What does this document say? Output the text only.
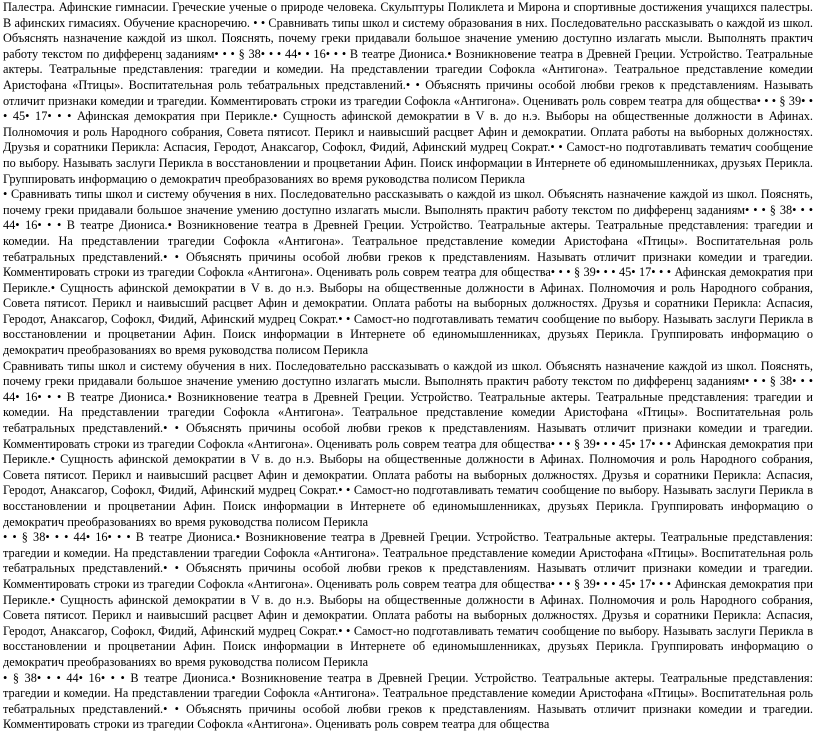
Палестра. Афинские гимнасии. Греческие ученые о природе человека. Скульптуры Поликлета и Мирона и спортивные достижения учащихся палестры. В афинских гимасиях. Обучение красноречию. • • Сравнивать типы школ и систему образования в них. Последовательно рассказывать о каждой из школ. Объяснять назначение каждой из школ. Пояснять, почему греки придавали большое значение умению доступно излагать мысли. Выполнять практич работу текстом по дифференц заданиям• • • § 38• • • 44• • 16• • • В театре Диониса.• Возникновение театра в Древней Греции. Устройство. Театральные актеры. Театральные представления: трагедии и комедии. На представлении трагедии Софокла «Антигона». Театральное представление комедии Аристофана «Птицы». Воспитательная роль тебатральных представлений.• • Объяснять причины особой любви греков к представлениям. Называть отличит признаки комедии и трагедии. Комментировать строки из трагедии Софокла «Антигона». Оценивать роль соврем театра для общества• • • § 39• • • 45• 17• • • Афинская демократия при Перикле.• Сущность афинской демократии в V в. до н.э. Выборы на общественные должности в Афинах. Полномочия и роль Народного собрания, Совета пятисот. Перикл и наивысший расцвет Афин и демократии. Оплата работы на выборных должностях. Друзья и соратники Перикла: Аспасия, Геродот, Анаксагор, Софокл, Фидий, Афинский мудрец Сократ.• • Самост-но подготавливать тематич сообщение по выбору. Называть заслуги Перикла в восстановлении и процветании Афин. Поиск информации в Интернете об единомышленниках, друзьях Перикла. Группировать информацию о демократич преобразованиях во время руководства полисом Перикла

• Сравнивать типы школ и систему обучения в них. Последовательно рассказывать о каждой из школ. Объяснять назначение каждой из школ. Пояснять, почему греки придавали большое значение умению доступно излагать мысли. Выполнять практич работу текстом по дифференц заданиям• • • § 38• • • 44• 16• • • В театре Диониса.• Возникновение театра в Древней Греции. Устройство. Театральные актеры. Театральные представления: трагедии и комедии. На представлении трагедии Софокла «Антигона». Театральное представление комедии Аристофана «Птицы». Воспитательная роль тебатральных представлений.• • Объяснять причины особой любви греков к представлениям. Называть отличит признаки комедии и трагедии. Комментировать строки из трагедии Софокла «Антигона». Оценивать роль соврем театра для общества• • • § 39• • • 45• 17• • • Афинская демократия при Перикле.• Сущность афинской демократии в V в. до н.э. Выборы на общественные должности в Афинах. Полномочия и роль Народного собрания, Совета пятисот. Перикл и наивысший расцвет Афин и демократии. Оплата работы на выборных должностях. Друзья и соратники Перикла: Аспасия, Геродот, Анаксагор, Софокл, Фидий, Афинский мудрец Сократ.• • Самост-но подготавливать тематич сообщение по выбору. Называть заслуги Перикла в восстановлении и процветании Афин. Поиск информации в Интернете об единомышленниках, друзьях Перикла. Группировать информацию о демократич преобразованиях во время руководства полисом Перикла

Сравнивать типы школ и систему обучения в них. Последовательно рассказывать о каждой из школ. Объяснять назначение каждой из школ. Пояснять, почему греки придавали большое значение умению доступно излагать мысли. Выполнять практич работу текстом по дифференц заданиям• • • § 38• • • 44• 16• • • В театре Диониса.• Возникновение театра в Древней Греции. Устройство. Театральные актеры. Театральные представления: трагедии и комедии. На представлении трагедии Софокла «Антигона». Театральное представление комедии Аристофана «Птицы». Воспитательная роль тебатральных представлений.• • Объяснять причины особой любви греков к представлениям. Называть отличит признаки комедии и трагедии. Комментировать строки из трагедии Софокла «Антигона». Оценивать роль соврем театра для общества• • • § 39• • • 45• 17• • • Афинская демократия при Перикле.• Сущность афинской демократии в V в. до н.э. Выборы на общественные должности в Афинах. Полномочия и роль Народного собрания, Совета пятисот. Перикл и наивысший расцвет Афин и демократии. Оплата работы на выборных должностях. Друзья и соратники Перикла: Аспасия, Геродот, Анаксагор, Софокл, Фидий, Афинский мудрец Сократ.• • Самост-но подготавливать тематич сообщение по выбору. Называть заслуги Перикла в восстановлении и процветании Афин. Поиск информации в Интернете об единомышленниках, друзьях Перикла. Группировать информацию о демократич преобразованиях во время руководства полисом Перикла

• • § 38• • • 44• 16• • • В театре Диониса.• Возникновение театра в Древней Греции. Устройство. Театральные актеры. Театральные представления: трагедии и комедии. На представлении трагедии Софокла «Антигона». Театральное представление комедии Аристофана «Птицы». Воспитательная роль тебатральных представлений.• • Объяснять причины особой любви греков к представлениям. Называть отличит признаки комедии и трагедии. Комментировать строки из трагедии Софокла «Антигона». Оценивать роль соврем театра для общества• • • § 39• • • 45• 17• • • Афинская демократия при Перикле.• Сущность афинской демократии в V в. до н.э. Выборы на общественные должности в Афинах. Полномочия и роль Народного собрания, Совета пятисот. Перикл и наивысший расцвет Афин и демократии. Оплата работы на выборных должностях. Друзья и соратники Перикла: Аспасия, Геродот, Анаксагор, Софокл, Фидий, Афинский мудрец Сократ.• • Самост-но подготавливать тематич сообщение по выбору. Называть заслуги Перикла в восстановлении и процветании Афин. Поиск информации в Интернете об единомышленниках, друзьях Перикла. Группировать информацию о демократич преобразованиях во время руководства полисом Перикла

• § 38• • • 44• 16• • • В театре Диониса.• Возникновение театра в Древней Греции. Устройство. Театральные актеры. Театральные представления: трагедии и комедии. На представлении трагедии Софокла «Антигона». Театральное представление комедии Аристофана «Птицы». Воспитательная роль тебатральных представлений.• • Объяснять причины особой любви греков к представлениям. Называть отличит признаки комедии и трагедии. Комментировать строки из трагедии Софокла «Антигона». Оценивать роль соврем театра для общества
